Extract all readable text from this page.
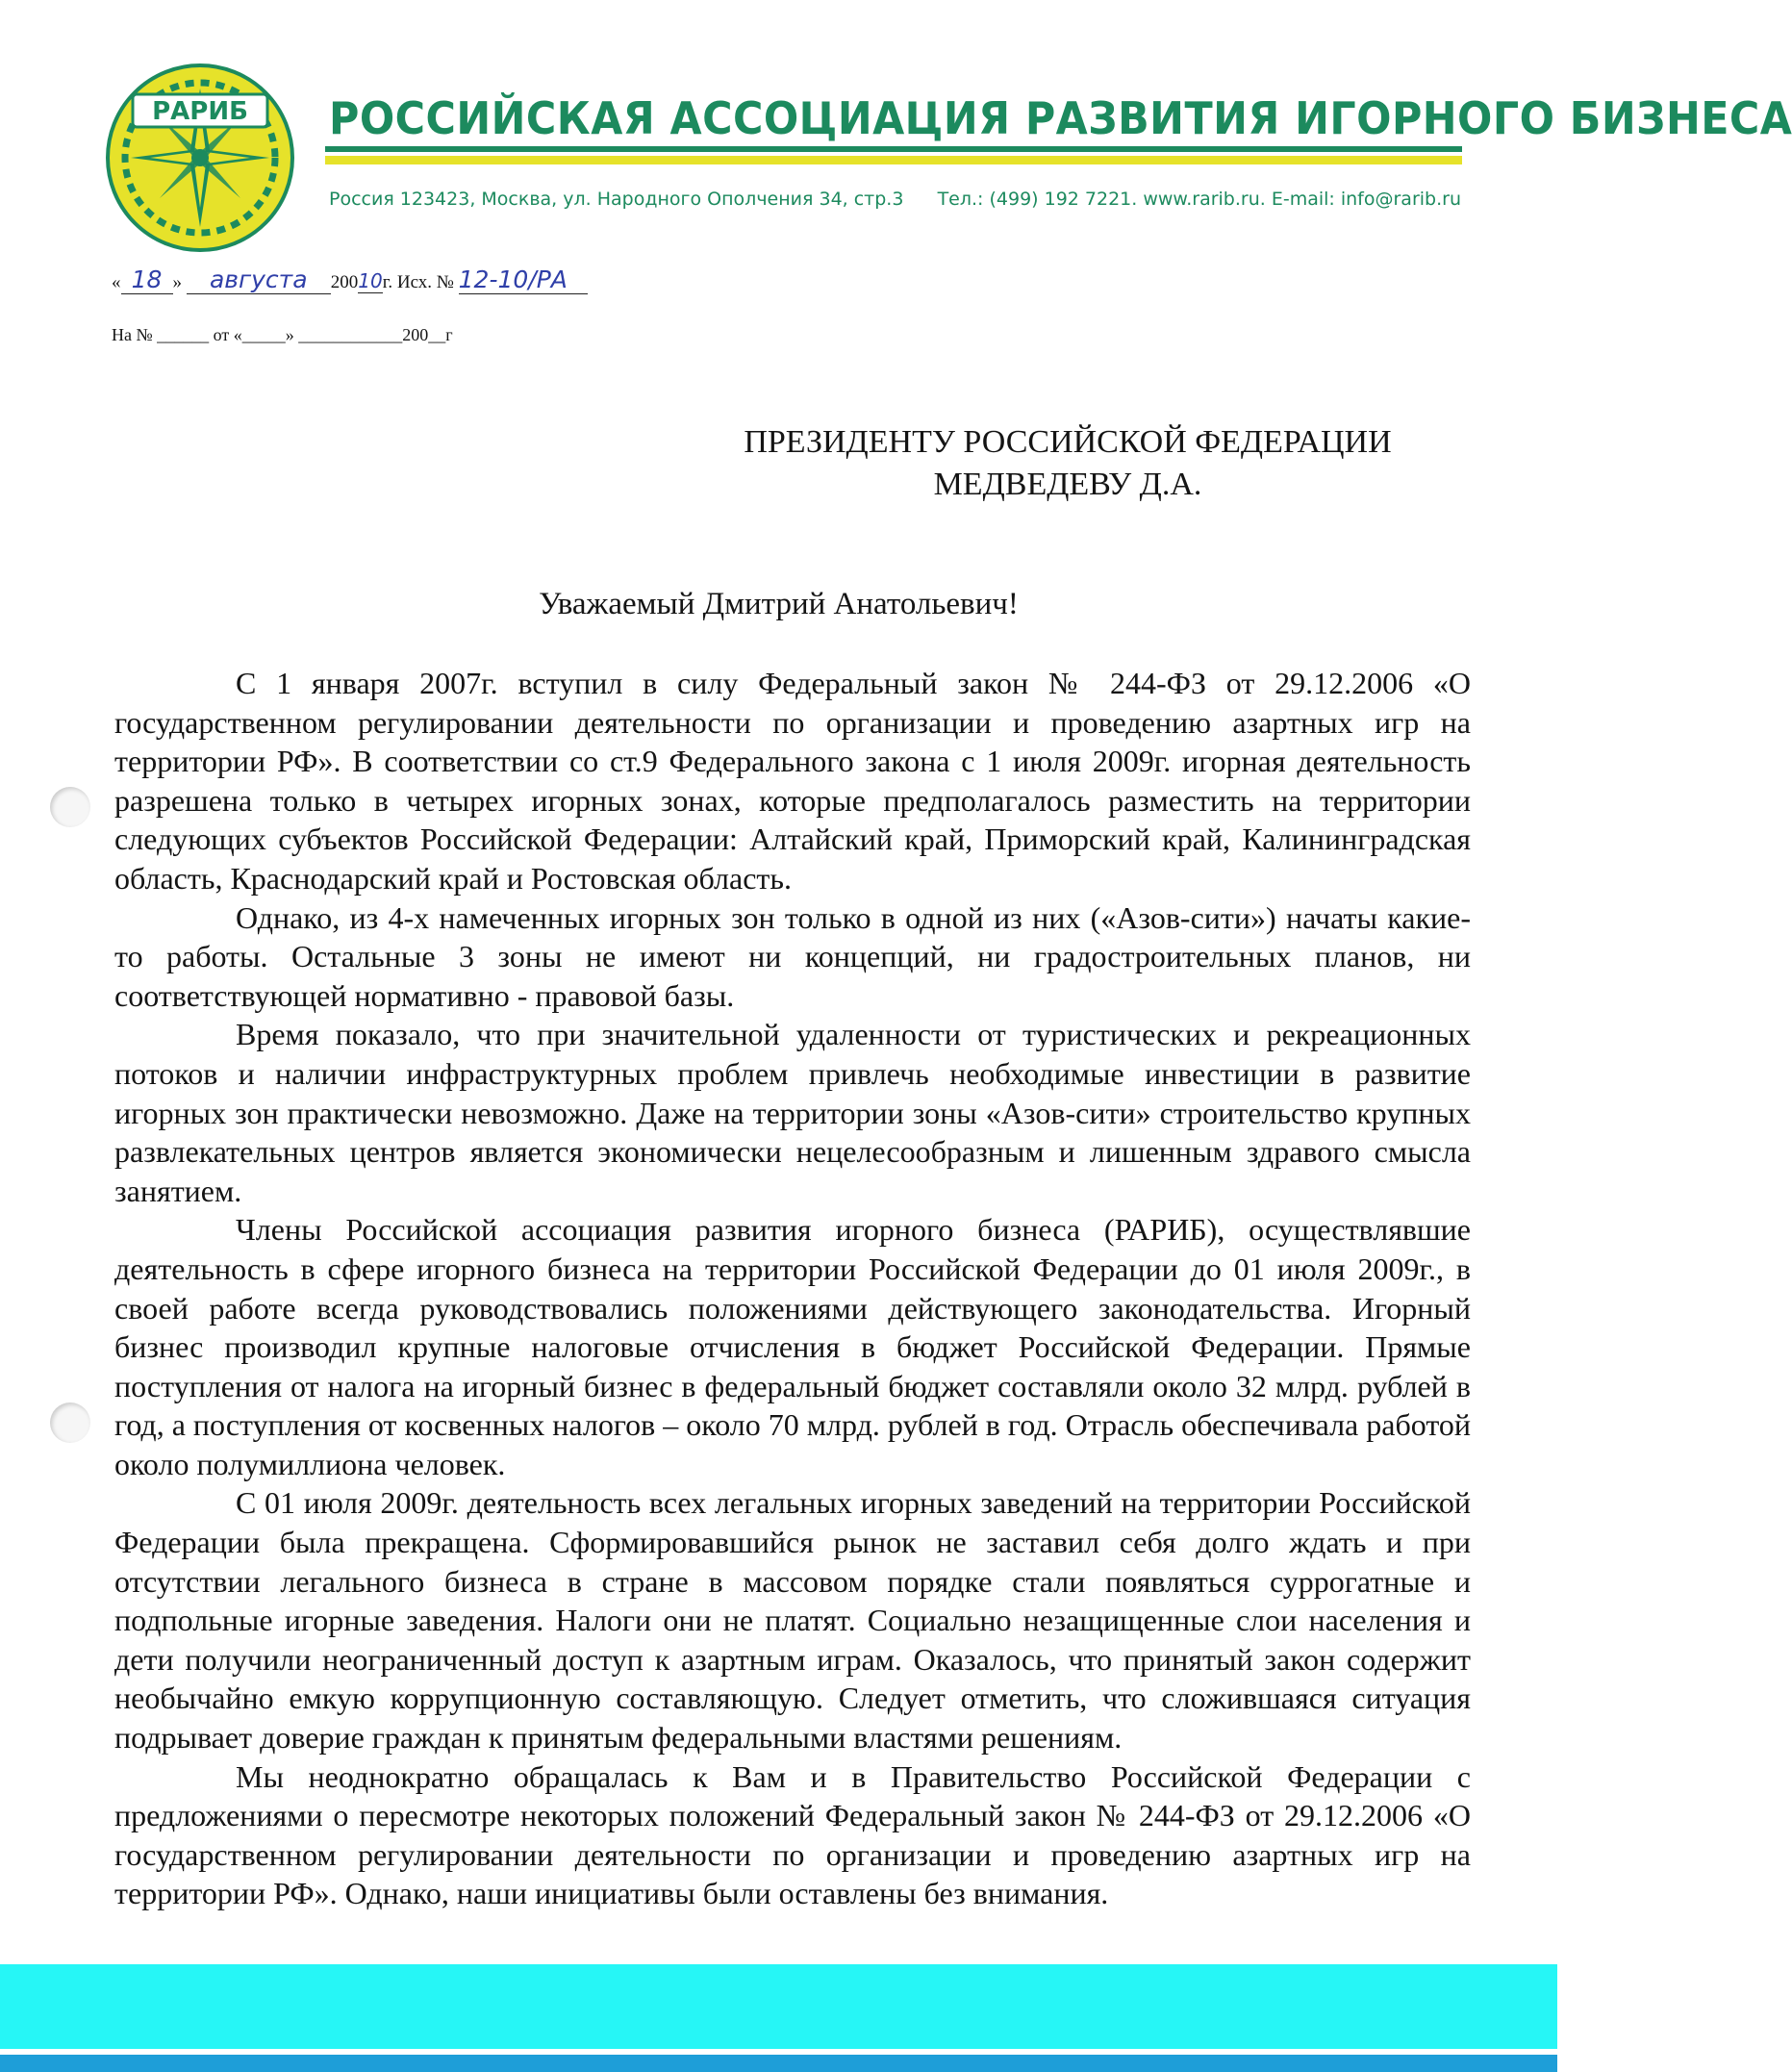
РАРИБ РОССИЙСКАЯ АССОЦИАЦИЯ РАЗВИТИЯ ИГОРНОГО БИЗНЕСА
Россия 123423, Москва, ул. Народного Ополчения 34, стр.3 Тел.: (499) 192 7221. www.rarib.ru. E-mail: info@rarib.ru
« 18 » августа 20010г. Исх. № 12-10/РА
На № ______ от «_____» ____________200__г
ПРЕЗИДЕНТУ РОССИЙСКОЙ ФЕДЕРАЦИИ
МЕДВЕДЕВУ Д.А.
Уважаемый Дмитрий Анатольевич!

С 1 января 2007г. вступил в силу Федеральный закон № 244-ФЗ от 29.12.2006 «О государственном регулировании деятельности по организации и проведению азартных игр на территории РФ». В соответствии со ст.9 Федерального закона с 1 июля 2009г. игорная деятельность разрешена только в четырех игорных зонах, которые предполагалось разместить на территории следующих субъектов Российской Федерации: Алтайский край, Приморский край, Калининградская область, Краснодарский край и Ростовская область.

Однако, из 4-х намеченных игорных зон только в одной из них («Азов-сити») начаты какие-то работы. Остальные 3 зоны не имеют ни концепций, ни градостроительных планов, ни соответствующей нормативно - правовой базы.

Время показало, что при значительной удаленности от туристических и рекреационных потоков и наличии инфраструктурных проблем привлечь необходимые инвестиции в развитие игорных зон практически невозможно. Даже на территории зоны «Азов-сити» строительство крупных развлекательных центров является экономически нецелесообразным и лишенным здравого смысла занятием.

Члены Российской ассоциация развития игорного бизнеса (РАРИБ), осуществлявшие деятельность в сфере игорного бизнеса на территории Российской Федерации до 01 июля 2009г., в своей работе всегда руководствовались положениями действующего законодательства. Игорный бизнес производил крупные налоговые отчисления в бюджет Российской Федерации. Прямые поступления от налога на игорный бизнес в федеральный бюджет составляли около 32 млрд. рублей в год, а поступления от косвенных налогов – около 70 млрд. рублей в год. Отрасль обеспечивала работой около полумиллиона человек.

С 01 июля 2009г. деятельность всех легальных игорных заведений на территории Российской Федерации была прекращена. Сформировавшийся рынок не заставил себя долго ждать и при отсутствии легального бизнеса в стране в массовом порядке стали появляться суррогатные и подпольные игорные заведения. Налоги они не платят. Социально незащищенные слои населения и дети получили неограниченный доступ к азартным играм. Оказалось, что принятый закон содержит необычайно емкую коррупционную составляющую. Следует отметить, что сложившаяся ситуация подрывает доверие граждан к принятым федеральными властями решениям.

Мы неоднократно обращалась к Вам и в Правительство Российской Федерации с предложениями о пересмотре некоторых положений Федеральный закон № 244-ФЗ от 29.12.2006 «О государственном регулировании деятельности по организации и проведению азартных игр на территории РФ». Однако, наши инициативы были оставлены без внимания.
